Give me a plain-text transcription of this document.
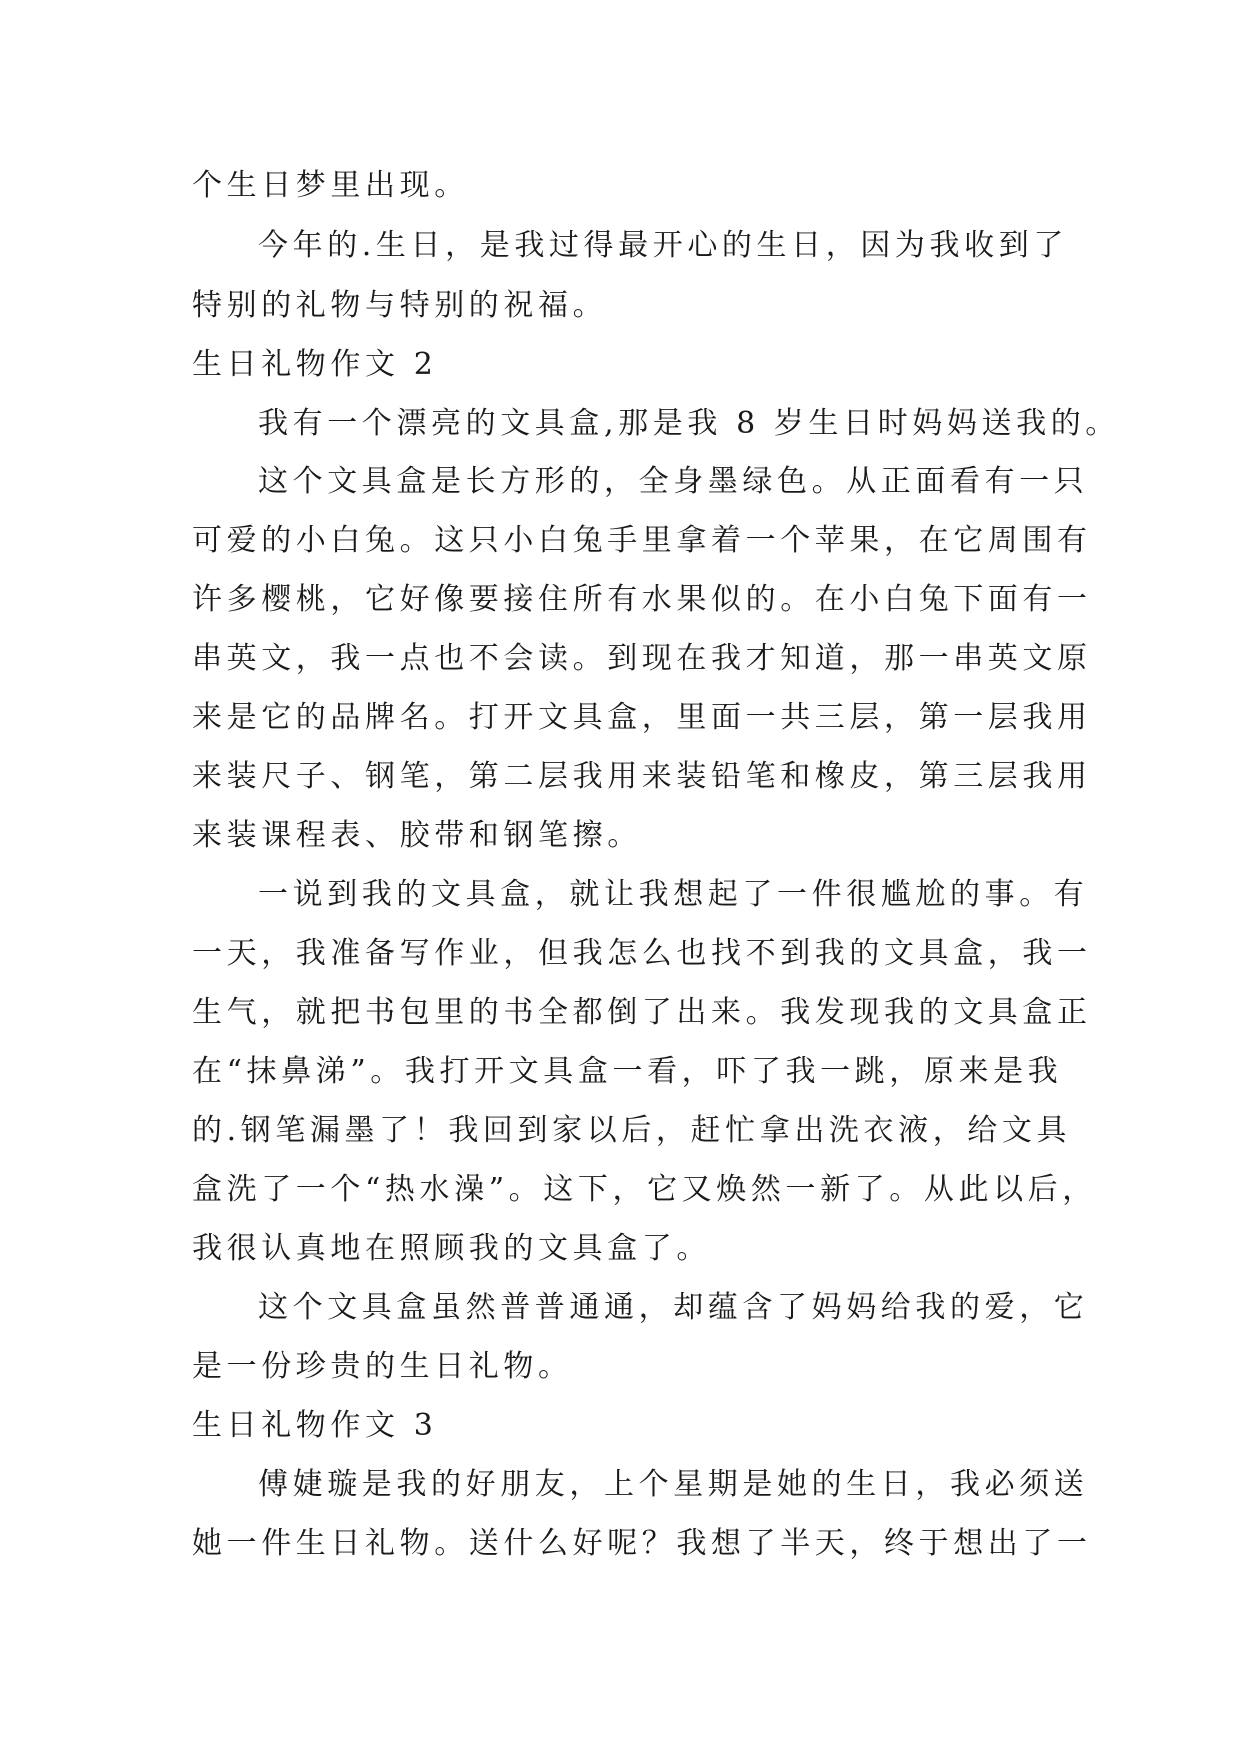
个生日梦里出现。
今年的.生日，是我过得最开心的生日，因为我收到了
特别的礼物与特别的祝福。
生日礼物作文 2
我有一个漂亮的文具盒,那是我 8 岁生日时妈妈送我的。
这个文具盒是长方形的，全身墨绿色。从正面看有一只
可爱的小白兔。这只小白兔手里拿着一个苹果，在它周围有
许多樱桃，它好像要接住所有水果似的。在小白兔下面有一
串英文，我一点也不会读。到现在我才知道，那一串英文原
来是它的品牌名。打开文具盒，里面一共三层，第一层我用
来装尺子、钢笔，第二层我用来装铅笔和橡皮，第三层我用
来装课程表、胶带和钢笔擦。
一说到我的文具盒，就让我想起了一件很尴尬的事。有
一天，我准备写作业，但我怎么也找不到我的文具盒，我一
生气，就把书包里的书全都倒了出来。我发现我的文具盒正
在“抹鼻涕”。我打开文具盒一看，吓了我一跳，原来是我
的.钢笔漏墨了！我回到家以后，赶忙拿出洗衣液，给文具
盒洗了一个“热水澡”。这下，它又焕然一新了。从此以后，
我很认真地在照顾我的文具盒了。
这个文具盒虽然普普通通，却蕴含了妈妈给我的爱，它
是一份珍贵的生日礼物。
生日礼物作文 3
傅婕璇是我的好朋友，上个星期是她的生日，我必须送
她一件生日礼物。送什么好呢？我想了半天，终于想出了一
